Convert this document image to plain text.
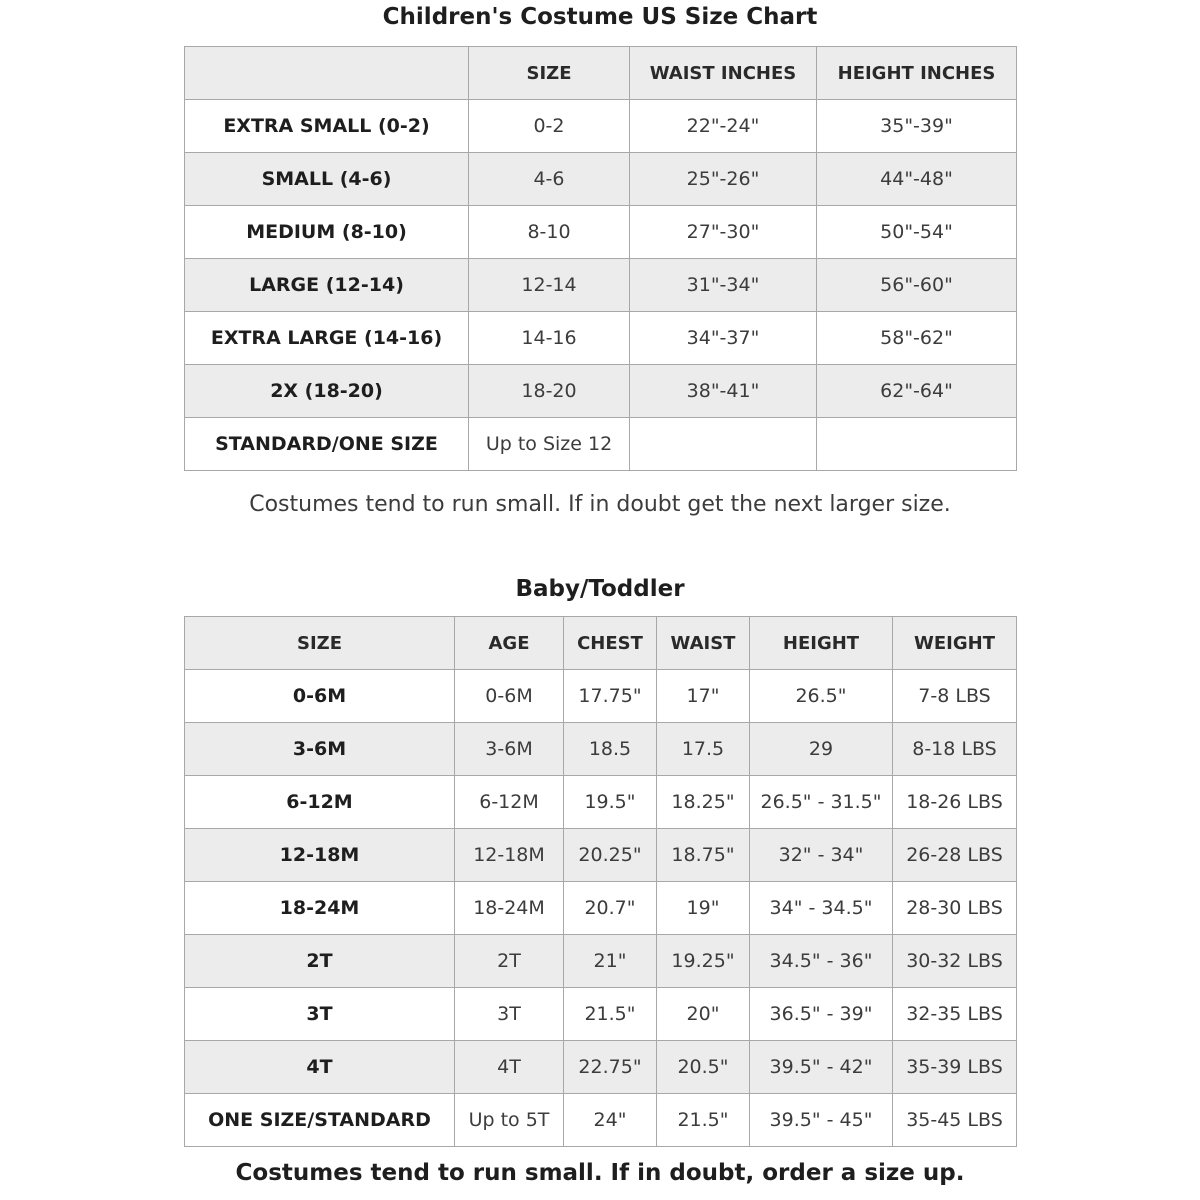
Children's Costume US Size Chart
	SIZE	WAIST INCHES	HEIGHT INCHES
EXTRA SMALL (0-2)	0-2	22"-24"	35"-39"
SMALL (4-6)	4-6	25"-26"	44"-48"
MEDIUM (8-10)	8-10	27"-30"	50"-54"
LARGE (12-14)	12-14	31"-34"	56"-60"
EXTRA LARGE (14-16)	14-16	34"-37"	58"-62"
2X (18-20)	18-20	38"-41"	62"-64"
STANDARD/ONE SIZE	Up to Size 12		
Costumes tend to run small. If in doubt get the next larger size.
Baby/Toddler
SIZE	AGE	CHEST	WAIST	HEIGHT	WEIGHT
0-6M	0-6M	17.75"	17"	26.5"	7-8 LBS
3-6M	3-6M	18.5	17.5	29	8-18 LBS
6-12M	6-12M	19.5"	18.25"	26.5" - 31.5"	18-26 LBS
12-18M	12-18M	20.25"	18.75"	32" - 34"	26-28 LBS
18-24M	18-24M	20.7"	19"	34" - 34.5"	28-30 LBS
2T	2T	21"	19.25"	34.5" - 36"	30-32 LBS
3T	3T	21.5"	20"	36.5" - 39"	32-35 LBS
4T	4T	22.75"	20.5"	39.5" - 42"	35-39 LBS
ONE SIZE/STANDARD	Up to 5T	24"	21.5"	39.5" - 45"	35-45 LBS
Costumes tend to run small. If in doubt, order a size up.
